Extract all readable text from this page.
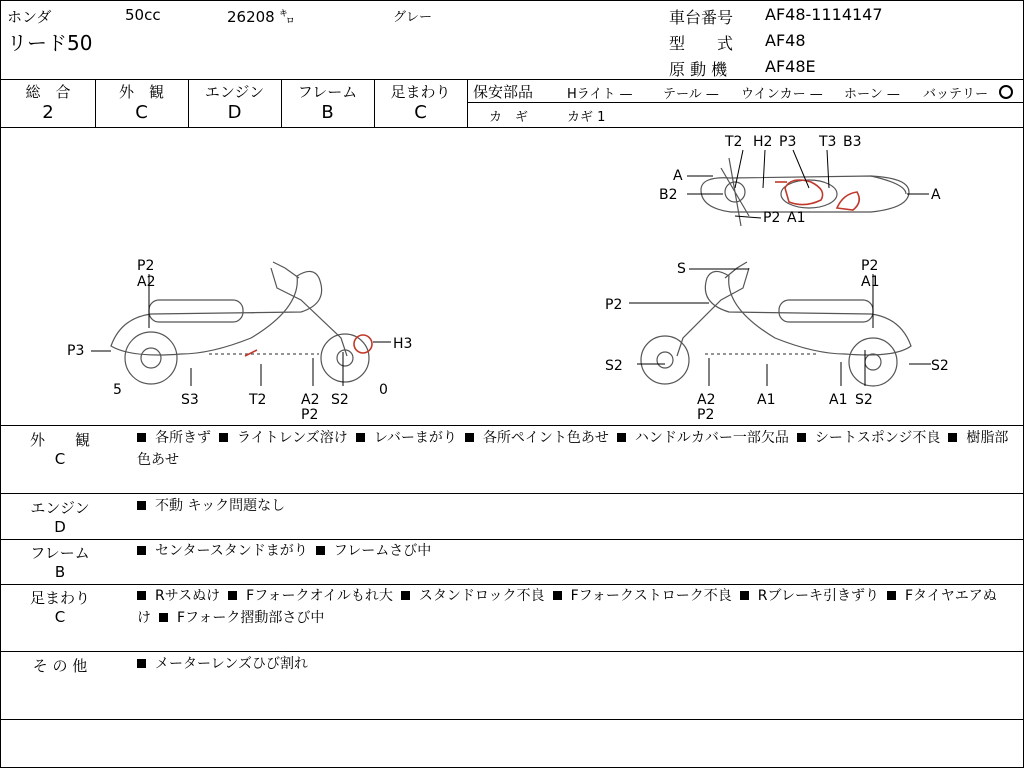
ホンダ	50cc	26208 ㌔	グレー
リード50
車台番号 AF48-1114147
型　　式 AF48
原 動 機 AF48E
総　合
2
外　観
C
エンジン
D
フレーム
B
足まわり
C
保安部品	Hライト — テール — ウインカー — ホーン — バッテリー
カ　ギ	カギ 1
T2 H2 P3 T3 B3
A
B2
P2 A1
A
P2
A2
P3	H3
5	0
S3	T2 A2
P2
S2
S	P2
A1
P2
S2	S2
A2
P2
A1	A1 S2
外　　観
C
各所きず ライトレンズ溶け レバーまがり 各所ペイント色あせ ハンドルカバー一部欠品 シートスポンジ不良 樹脂部色あせ
エンジン
D
不動 キック問題なし
フレーム
B
センタースタンドまがり フレームさび中
足まわり
C
Rサスぬけ Fフォークオイルもれ大 スタンドロック不良 Fフォークストローク不良 Rブレーキ引きずり Fタイヤエアぬけ Fフォーク摺動部さび中
そ の 他	メーターレンズひび割れ
